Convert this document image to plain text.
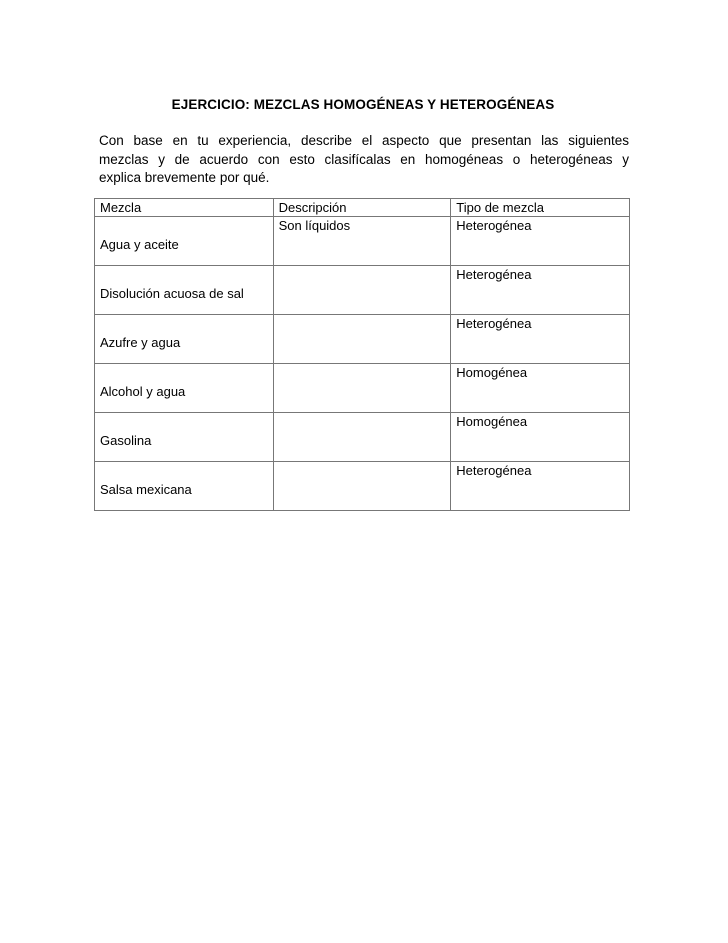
EJERCICIO: MEZCLAS HOMOGÉNEAS Y HETEROGÉNEAS

Con base en tu experiencia, describe el aspecto que presentan las siguientes
mezclas y de acuerdo con esto clasifícalas en homogéneas o heterogéneas y
explica brevemente por qué.

Mezcla	Descripción	Tipo de mezcla

Agua y aceite	Son líquidos	Heterogénea

Disolución acuosa de sal		Heterogénea

Azufre y agua		Heterogénea

Alcohol y agua		Homogénea

Gasolina		Homogénea

Salsa mexicana		Heterogénea
